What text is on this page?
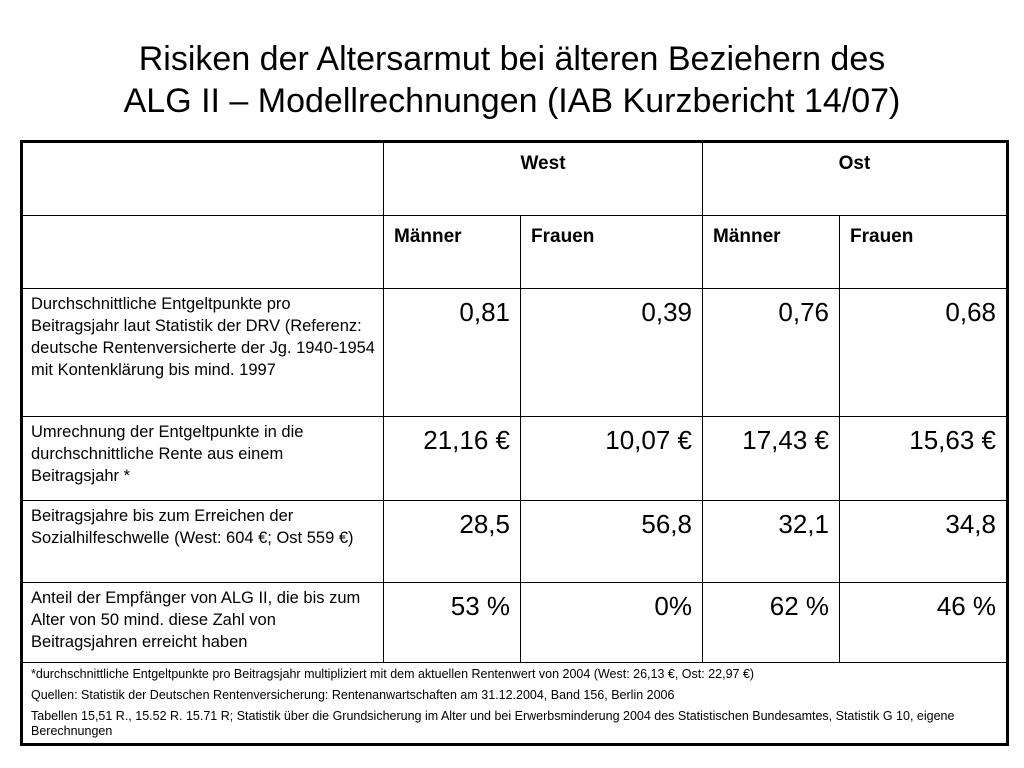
Risiken der Altersarmut bei älteren Beziehern des
ALG II – Modellrechnungen (IAB Kurzbericht 14/07)

	West		Ost	

	Männer	Frauen	Männer	Frauen

Durchschnittliche Entgeltpunkte pro Beitragsjahr laut Statistik der DRV (Referenz: deutsche Rentenversicherte der Jg. 1940-1954 mit Kontenklärung bis mind. 1997	0,81	0,39	0,76	0,68

Umrechnung der Entgeltpunkte in die durchschnittliche Rente aus einem Beitragsjahr *	21,16 €	10,07 €	17,43 €	15,63 €

Beitragsjahre bis zum Erreichen der Sozialhilfeschwelle (West: 604 €; Ost 559 €)	28,5	56,8	32,1	34,8

Anteil der Empfänger von ALG II, die bis zum Alter von 50 mind. diese Zahl von Beitragsjahren erreicht haben	53 %	0%	62 %	46 %

*durchschnittliche Entgeltpunkte pro Beitragsjahr multipliziert mit dem aktuellen Rentenwert von 2004 (West: 26,13 €, Ost: 22,97 €)
Quellen: Statistik der Deutschen Rentenversicherung: Rentenanwartschaften am 31.12.2004, Band 156, Berlin 2006
Tabellen 15,51 R., 15.52 R. 15.71 R; Statistik über die Grundsicherung im Alter und bei Erwerbsminderung 2004 des Statistischen Bundesamtes, Statistik G 10, eigene Berechnungen				
